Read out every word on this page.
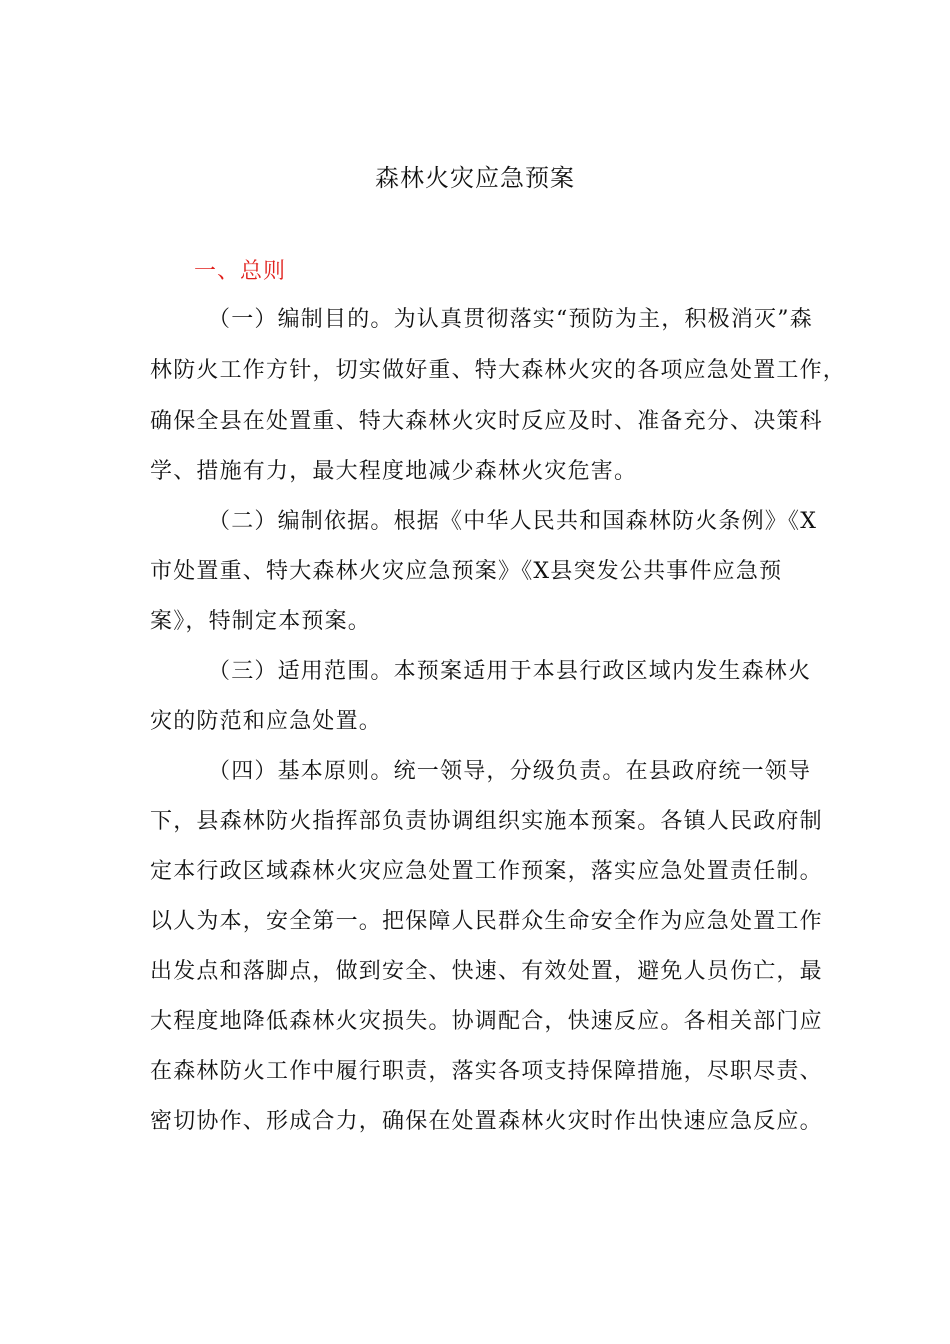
森林火灾应急预案
一、总则
（一）编制目的。为认真贯彻落实“预防为主，积极消灭”森
林防火工作方针，切实做好重、特大森林火灾的各项应急处置工作，
确保全县在处置重、特大森林火灾时反应及时、准备充分、决策科
学、措施有力，最大程度地减少森林火灾危害。
（二）编制依据。根据《中华人民共和国森林防火条例》《X
市处置重、特大森林火灾应急预案》《X县突发公共事件应急预
案》，特制定本预案。
（三）适用范围。本预案适用于本县行政区域内发生森林火
灾的防范和应急处置。
（四）基本原则。统一领导，分级负责。在县政府统一领导
下，县森林防火指挥部负责协调组织实施本预案。各镇人民政府制
定本行政区域森林火灾应急处置工作预案，落实应急处置责任制。
以人为本，安全第一。把保障人民群众生命安全作为应急处置工作
出发点和落脚点，做到安全、快速、有效处置，避免人员伤亡，最
大程度地降低森林火灾损失。协调配合，快速反应。各相关部门应
在森林防火工作中履行职责，落实各项支持保障措施，尽职尽责、
密切协作、形成合力，确保在处置森林火灾时作出快速应急反应。
